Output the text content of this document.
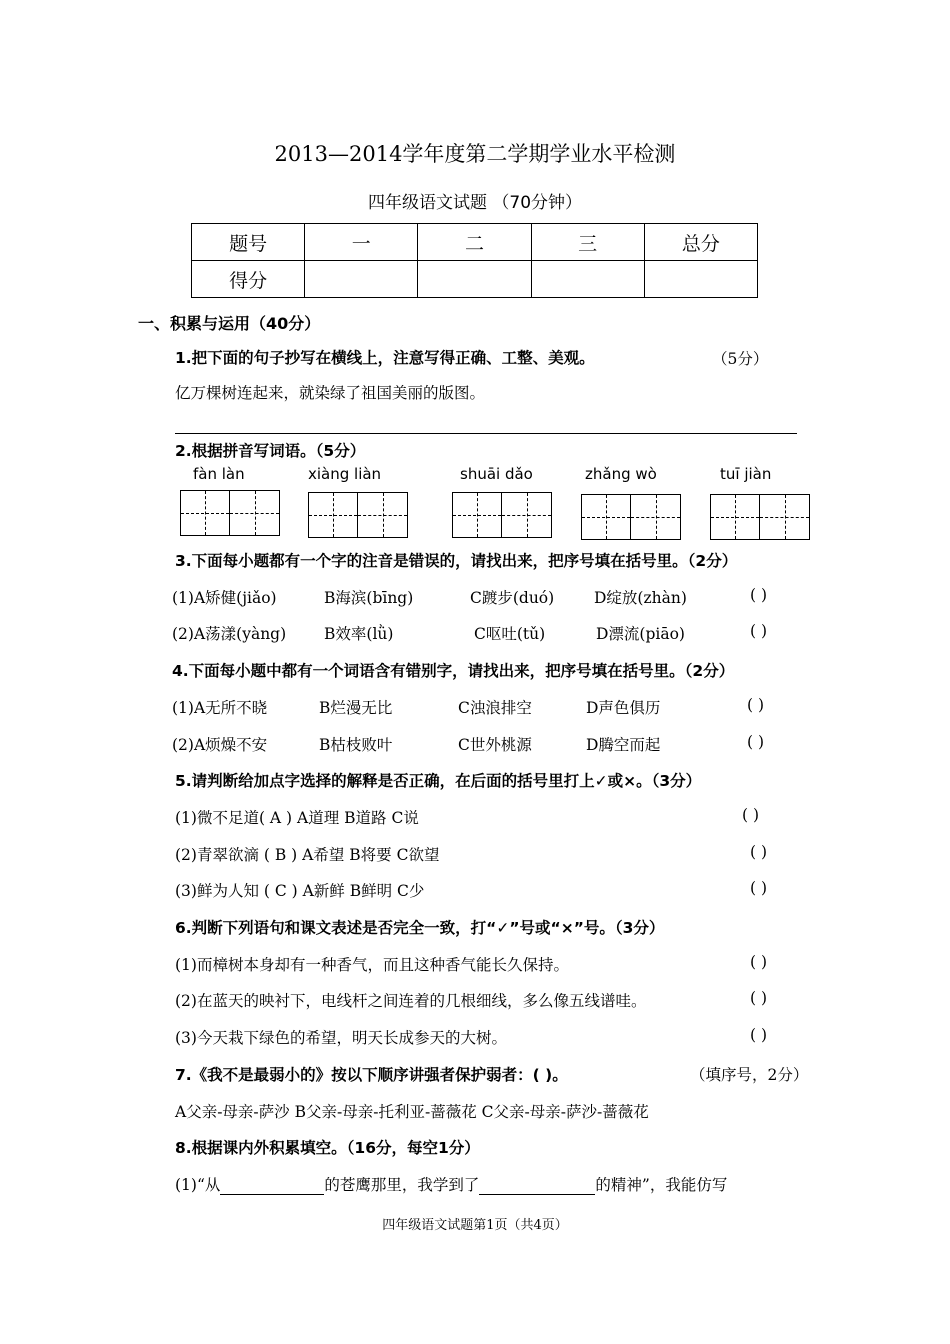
2013—2014学年度第二学期学业水平检测
四年级语文试题 （70分钟）
题号	一	二	三	总分
得分				
一、积累与运用（40分）
1.把下面的句子抄写在横线上，注意写得正确、工整、美观。	（5分）
亿万棵树连起来，就染绿了祖国美丽的版图。
2.根据拼音写词语。（5分）
fàn làn	xiàng liàn	shuāi dǎo	zhǎng wò	tuī jiàn
3.下面每小题都有一个字的注音是错误的，请找出来，把序号填在括号里。（2分）
(1)A矫健(jiǎo)	B海滨(bīng)	C踱步(duó)	D绽放(zhàn)	( )
(2)A荡漾(yàng) B效率(lǜ)	C呕吐(tǔ)	D漂流(piāo)	( )
4.下面每小题中都有一个词语含有错别字，请找出来，把序号填在括号里。（2分）
(1)A无所不晓	B烂漫无比	C浊浪排空	D声色俱历	( )
(2)A烦燥不安	B枯枝败叶	C世外桃源	D腾空而起	( )
5.请判断给加点字选择的解释是否正确，在后面的括号里打上✓或×。（3分）
(1)微不足道( A ) A道理 B道路 C说	( )
(2)青翠欲滴 ( B ) A希望 B将要 C欲望	( )
(3)鲜为人知 ( C ) A新鲜 B鲜明 C少	( )
6.判断下列语句和课文表述是否完全一致，打“✓”号或“×”号。（3分）
(1)而樟树本身却有一种香气，而且这种香气能长久保持。	( )
(2)在蓝天的映衬下，电线杆之间连着的几根细线，多么像五线谱哇。	( )
(3)今天栽下绿色的希望，明天长成参天的大树。	( )
7.《我不是最弱小的》按以下顺序讲强者保护弱者：( )。	（填序号，2分）
A父亲-母亲-萨沙 B父亲-母亲-托利亚-蔷薇花 C父亲-母亲-萨沙-蔷薇花
8.根据课内外积累填空。（16分，每空1分）
(1)“从	的苍鹰那里，我学到了	的精神”，我能仿写
四年级语文试题第1页（共4页）
